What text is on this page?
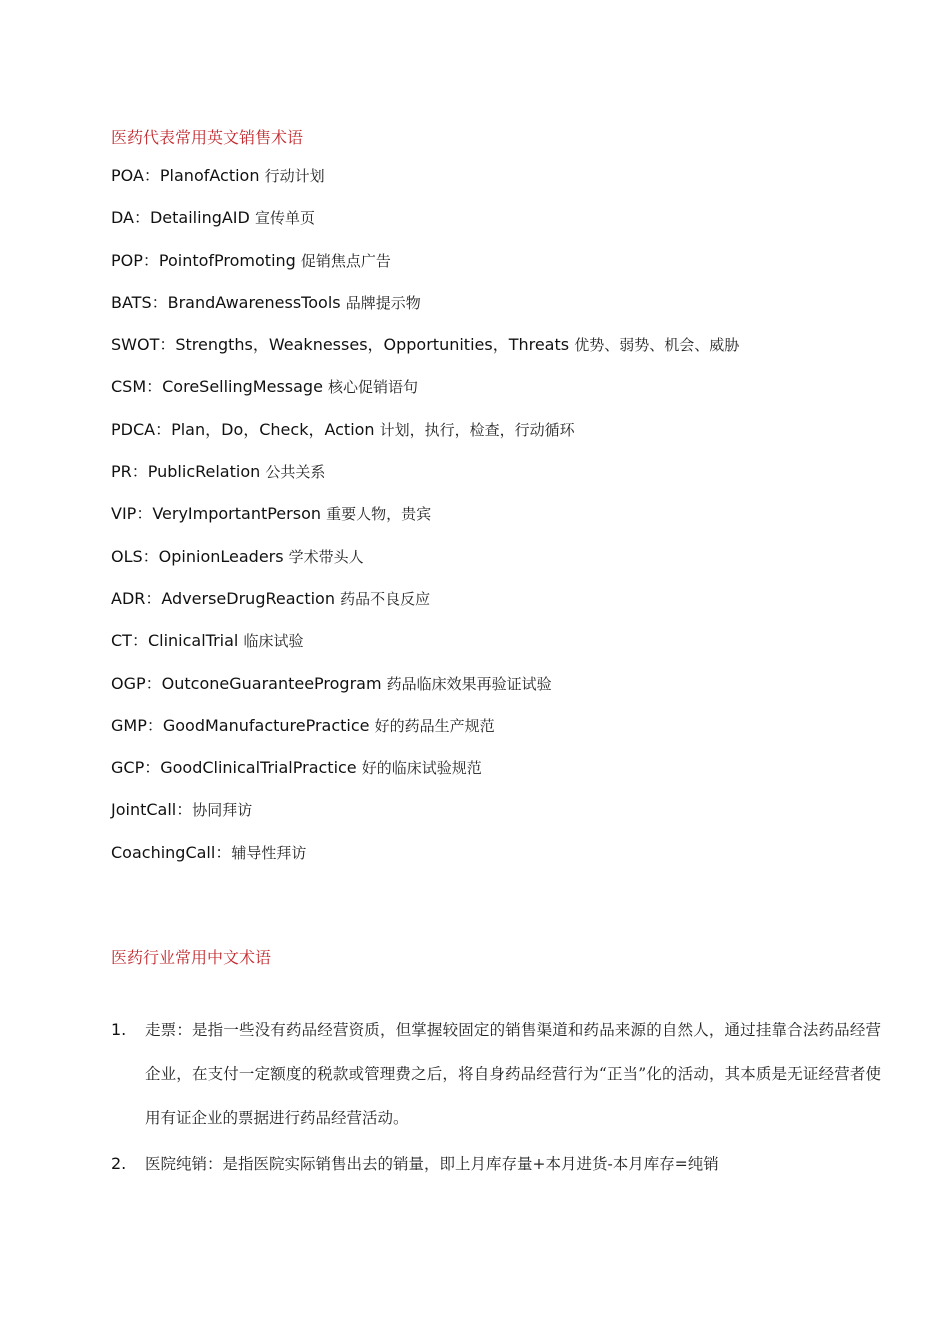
医药代表常用英文销售术语
POA：PlanofAction 行动计划
DA：DetailingAID 宣传单页
POP：PointofPromoting 促销焦点广告
BATS：BrandAwarenessTools 品牌提示物
SWOT：Strengths，Weaknesses，Opportunities，Threats 优势、弱势、机会、威胁
CSM：CoreSellingMessage 核心促销语句
PDCA：Plan，Do，Check，Action 计划，执行，检查，行动循环
PR：PublicRelation 公共关系
VIP：VeryImportantPerson 重要人物，贵宾
OLS：OpinionLeaders 学术带头人
ADR：AdverseDrugReaction 药品不良反应
CT：ClinicalTrial 临床试验
OGP：OutconeGuaranteeProgram 药品临床效果再验证试验
GMP：GoodManufacturePractice 好的药品生产规范
GCP：GoodClinicalTrialPractice 好的临床试验规范
JointCall：协同拜访
CoachingCall：辅导性拜访
医药行业常用中文术语
1. 走票：是指一些没有药品经营资质，但掌握较固定的销售渠道和药品来源的自然人，通过挂靠合法药品经营企业，在支付一定额度的税款或管理费之后，将自身药品经营行为“正当”化的活动，其本质是无证经营者使用有证企业的票据进行药品经营活动。
2. 医院纯销：是指医院实际销售出去的销量，即上月库存量+本月进货-本月库存=纯销
